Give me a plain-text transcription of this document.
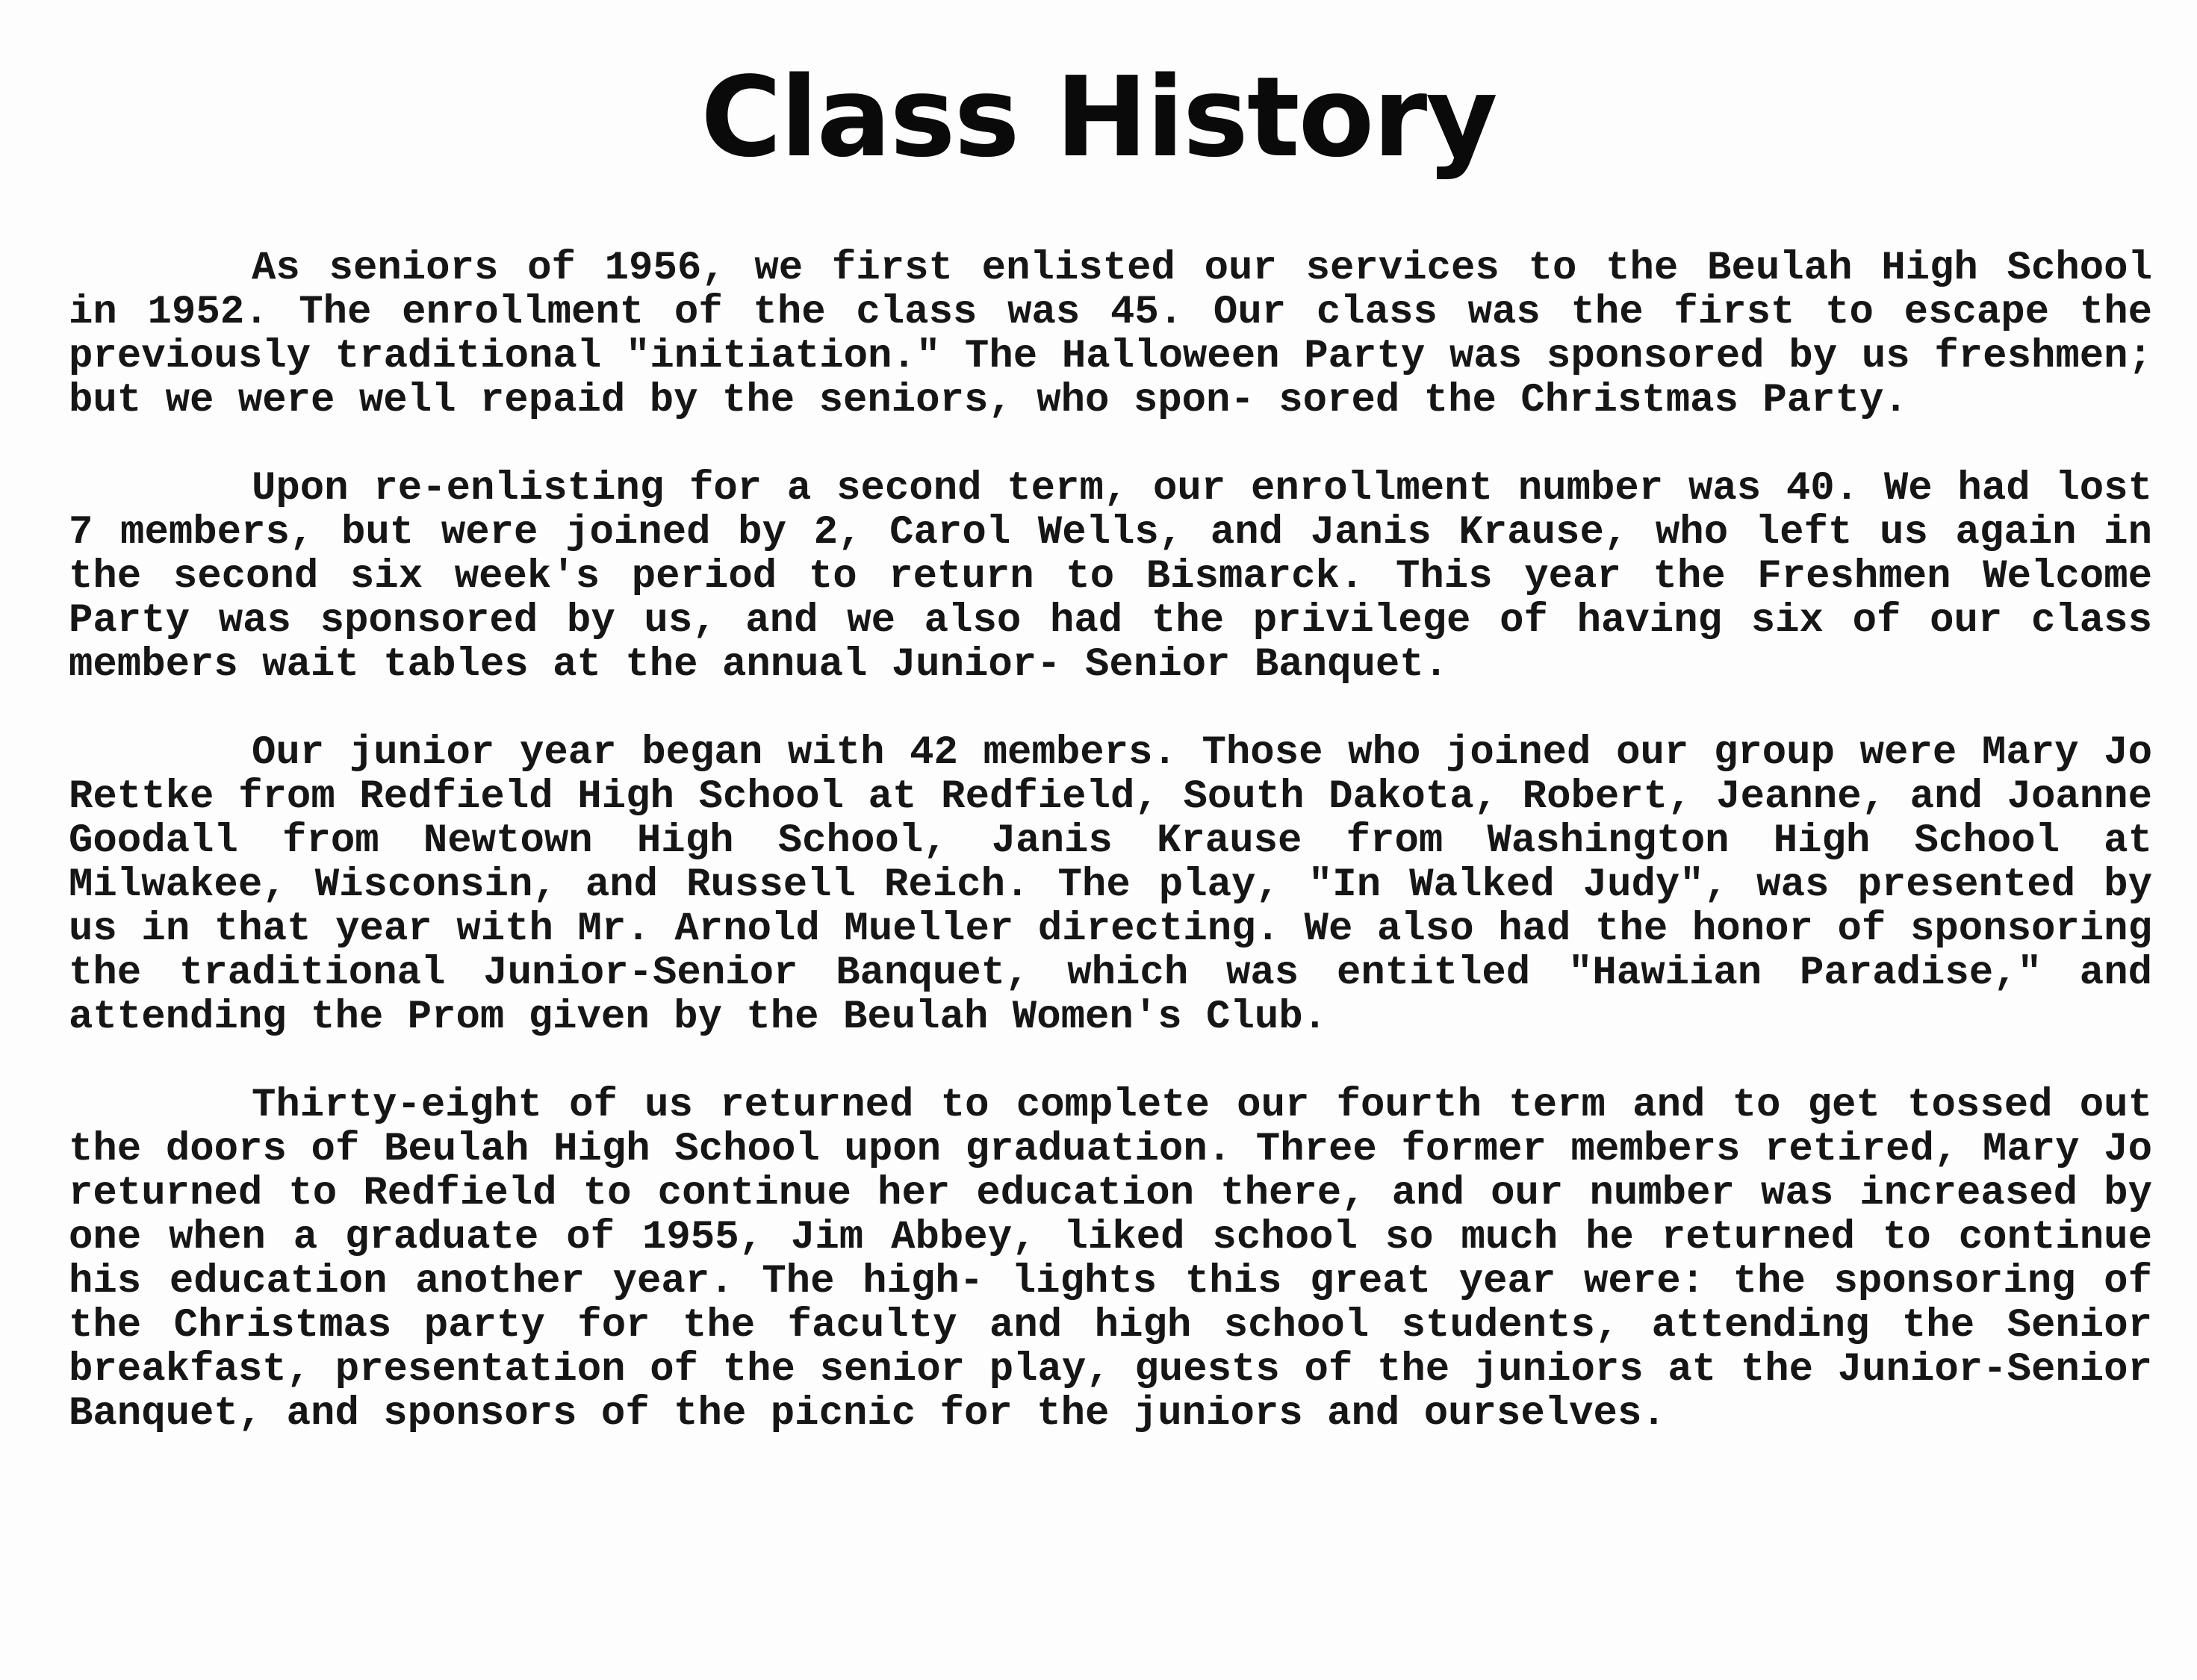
Class History

As seniors of 1956, we first enlisted our services to the Beulah High School in 1952. The enrollment of the class was 45. Our class was the first to escape the previously traditional "initiation." The Halloween Party was sponsored by us freshmen; but we were well repaid by the seniors, who spon- sored the Christmas Party.

Upon re-enlisting for a second term, our enrollment number was 40. We had lost 7 members, but were joined by 2, Carol Wells, and Janis Krause, who left us again in the second six week's period to return to Bismarck. This year the Freshmen Welcome Party was sponsored by us, and we also had the privilege of having six of our class members wait tables at the annual Junior- Senior Banquet.

Our junior year began with 42 members. Those who joined our group were Mary Jo Rettke from Redfield High School at Redfield, South Dakota, Robert, Jeanne, and Joanne Goodall from Newtown High School, Janis Krause from Washington High School at Milwakee, Wisconsin, and Russell Reich. The play, "In Walked Judy", was presented by us in that year with Mr. Arnold Mueller directing. We also had the honor of sponsoring the traditional Junior-Senior Banquet, which was entitled "Hawiian Paradise," and attending the Prom given by the Beulah Women's Club.

Thirty-eight of us returned to complete our fourth term and to get tossed out the doors of Beulah High School upon graduation. Three former members retired, Mary Jo returned to Redfield to continue her education there, and our number was increased by one when a graduate of 1955, Jim Abbey, liked school so much he returned to continue his education another year. The high- lights this great year were: the sponsoring of the Christmas party for the faculty and high school students, attending the Senior breakfast, presentation of the senior play, guests of the juniors at the Junior-Senior Banquet, and sponsors of the picnic for the juniors and ourselves.
